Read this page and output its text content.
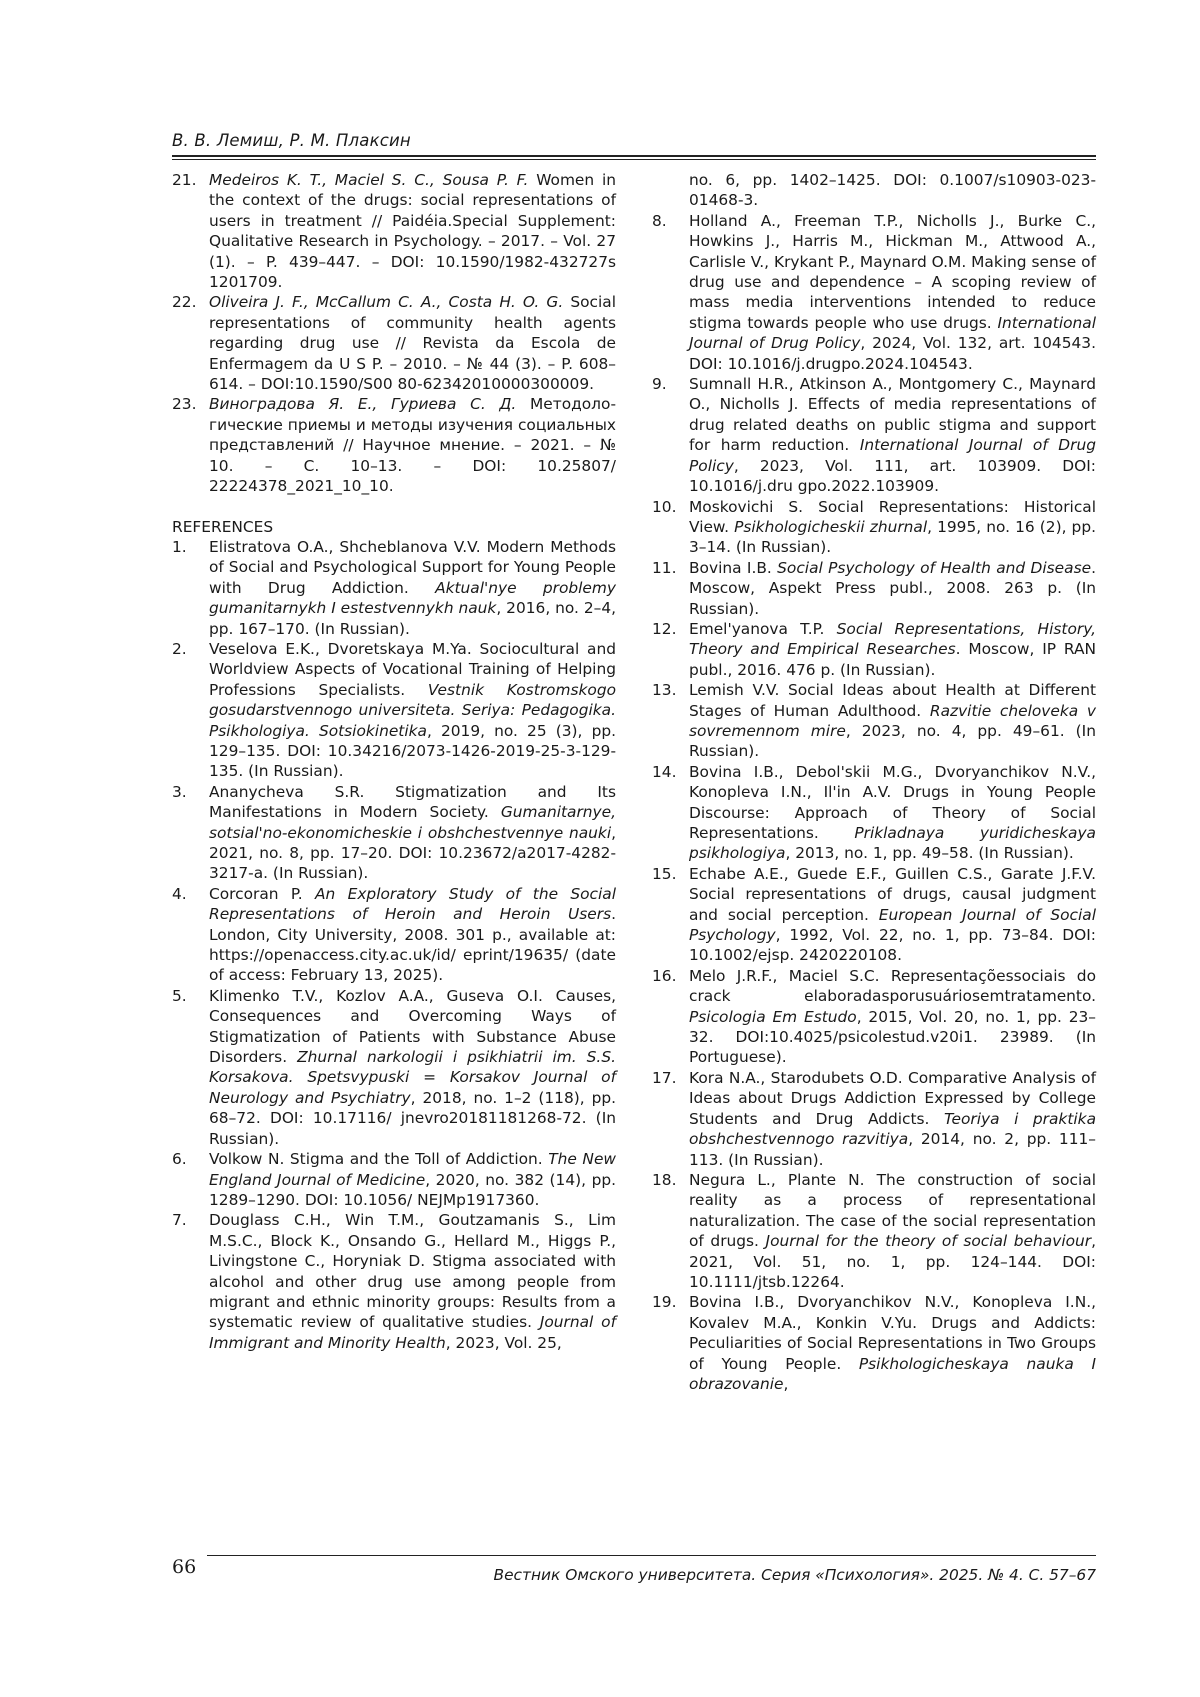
В. В. Лемиш, Р. М. Плаксин
21. Medeiros K. T., Maciel S. C., Sousa P. F. Women in the context of the drugs: social representations of users in treatment // Paidéia.Special Supplement: Qualitative Research in Psychology. – 2017. – Vol. 27 (1). – P. 439–447. – DOI: 10.1590/1982-432727s 1201709.
22. Oliveira J. F., McCallum C. A., Costa H. O. G. Social representations of community health agents regarding drug use // Revista da Escola de Enfermagem da U S P. – 2010. – № 44 (3). – P. 608–614. – DOI:10.1590/S00 80-62342010000300009.
23. Виноградова Я. Е., Гуриева С. Д. Методологические приемы и методы изучения социальных представлений // Научное мнение. – 2021. – № 10. – С. 10–13. – DOI: 10.25807/ 22224378_2021_10_10.
REFERENCES
1.	Elistratova O.A., Shcheblanova V.V. Modern Methods of Social and Psychological Support for Young People with Drug Addiction. Aktual'nye problemy gumanitarnykh I estestvennykh nauk, 2016, no. 2–4, pp. 167–170. (In Russian).
2.	Veselova E.K., Dvoretskaya M.Ya. Sociocultural and Worldview Aspects of Vocational Training of Helping Professions Specialists. Vestnik Kostromskogo gosudarstvennogo universiteta. Seriya: Pedagogika. Psikhologiya. Sotsiokinetika, 2019, no. 25 (3), pp. 129–135. DOI: 10.34216/2073-1426-2019-25-3-129-135. (In Russian).
3.	Ananycheva S.R. Stigmatization and Its Manifestations in Modern Society. Gumanitarnye, sotsial'no-ekonomicheskie i obshchestvennye nauki, 2021, no. 8, pp. 17–20. DOI: 10.23672/a2017-4282-3217-a. (In Russian).
4.	Corcoran P. An Exploratory Study of the Social Representations of Heroin and Heroin Users. London, City University, 2008. 301 p., available at: https://openaccess.city.ac.uk/id/ eprint/19635/ (date of access: February 13, 2025).
5.	Klimenko T.V., Kozlov A.A., Guseva O.I. Causes, Consequences and Overcoming Ways of Stigmatization of Patients with Substance Abuse Disorders. Zhurnal narkologii i psikhiatrii im. S.S. Korsakova. Spetsvypuski = Korsakov Journal of Neurology and Psychiatry, 2018, no. 1–2 (118), pp. 68–72. DOI: 10.17116/ jnevro20181181268-72. (In Russian).
6.	Volkow N. Stigma and the Toll of Addiction. The New England Journal of Medicine, 2020, no. 382 (14), pp. 1289–1290. DOI: 10.1056/ NEJMp1917360.
7.	Douglass C.H., Win T.M., Goutzamanis S., Lim M.S.C., Block K., Onsando G., Hellard M., Higgs P., Livingstone C., Horyniak D. Stigma associated with alcohol and other drug use among people from migrant and ethnic minority groups: Results from a systematic review of qualitative studies. Journal of Immigrant and Minority Health, 2023, Vol. 25,
no. 6, pp. 1402–1425. DOI: 0.1007/s10903-023-01468-3.
8.	Holland A., Freeman T.P., Nicholls J., Burke C., Howkins J., Harris M., Hickman M., Attwood A., Carlisle V., Krykant P., Maynard O.M. Making sense of drug use and dependence – A scoping review of mass media interventions intended to reduce stigma towards people who use drugs. International Journal of Drug Policy, 2024, Vol. 132, art. 104543. DOI: 10.1016/j.drugpo.2024.104543.
9.	Sumnall H.R., Atkinson A., Montgomery C., Maynard O., Nicholls J. Effects of media representations of drug related deaths on public stigma and support for harm reduction. International Journal of Drug Policy, 2023, Vol. 111, art. 103909. DOI: 10.1016/j.dru gpo.2022.103909.
10. Moskovichi S. Social Representations: Historical View. Psikhologicheskii zhurnal, 1995, no. 16 (2), pp. 3–14. (In Russian).
11. Bovina I.B. Social Psychology of Health and Disease. Moscow, Aspekt Press publ., 2008. 263 p. (In Russian).
12. Emel'yanova T.P. Social Representations, History, Theory and Empirical Researches. Moscow, IP RAN publ., 2016. 476 p. (In Russian).
13. Lemish V.V. Social Ideas about Health at Different Stages of Human Adulthood. Razvitie cheloveka v sovremennom mire, 2023, no. 4, pp. 49–61. (In Russian).
14. Bovina I.B., Debol'skii M.G., Dvoryanchikov N.V., Konopleva I.N., Il'in A.V. Drugs in Young People Discourse: Approach of Theory of Social Representations. Prikladnaya yuridicheskaya psikhologiya, 2013, no. 1, pp. 49–58. (In Russian).
15. Echabe A.E., Guede E.F., Guillen C.S., Garate J.F.V. Social representations of drugs, causal judgment and social perception. European Journal of Social Psychology, 1992, Vol. 22, no. 1, pp. 73–84. DOI: 10.1002/ejsp. 2420220108.
16. Melo J.R.F., Maciel S.C. Representaçõessociais do crack elaboradasporusuáriosemtratamento. Psicologia Em Estudo, 2015, Vol. 20, no. 1, pp. 23–32. DOI:10.4025/psicolestud.v20i1. 23989. (In Portuguese).
17. Kora N.A., Starodubets O.D. Comparative Analysis of Ideas about Drugs Addiction Expressed by College Students and Drug Addicts. Teoriya i praktika obshchestvennogo razvitiya, 2014, no. 2, pp. 111–113. (In Russian).
18. Negura L., Plante N. The construction of social reality as a process of representational naturalization. The case of the social representation of drugs. Journal for the theory of social behaviour, 2021, Vol. 51, no. 1, pp. 124–144. DOI: 10.1111/jtsb.12264.
19. Bovina I.B., Dvoryanchikov N.V., Konopleva I.N., Kovalev M.A., Konkin V.Yu. Drugs and Addicts: Peculiarities of Social Representations in Two Groups of Young People. Psikhologicheskaya nauka I obrazovanie,
66	Вестник Омского университета. Серия «Психология». 2025. № 4. С. 57–67
